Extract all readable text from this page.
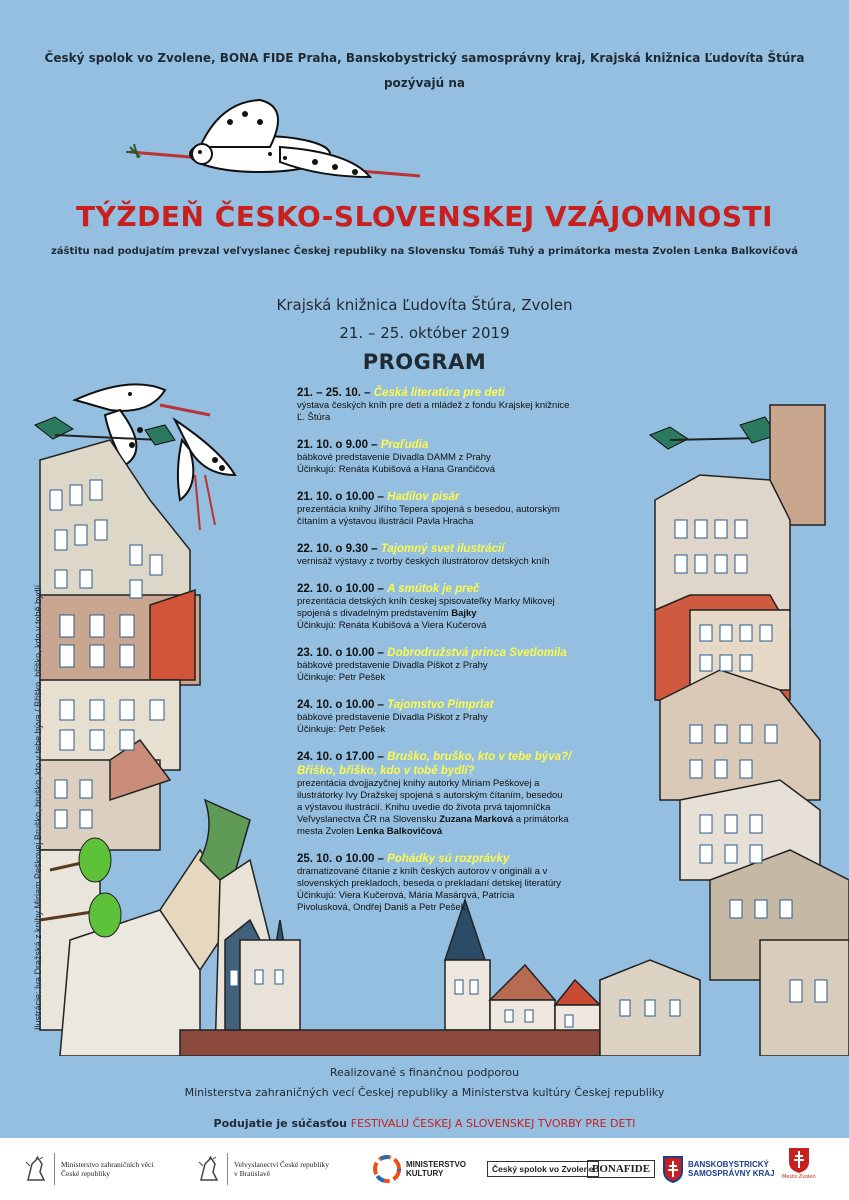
Český spolok vo Zvolene, BONA FIDE Praha, Banskobystrický samosprávny kraj, Krajská knižnica Ľudovíta Štúra
pozývajú na
TÝŽDEŇ ČESKO-SLOVENSKEJ VZÁJOMNOSTI
záštitu nad podujatím prevzal veľvyslanec Českej republiky na Slovensku Tomáš Tuhý a primátorka mesta Zvolen Lenka Balkovičová
Krajská knižnica Ľudovíta Štúra, Zvolen
21. – 25. október 2019
PROGRAM
Ilustrácie: Iva Dražská z knihy Miriam Peškovej Bruško, bruško, kto v tebe býva / Břiško, břiško, kdo v tobě bydlí
21. – 25. 10. – Česká literatúra pre deti
výstava českých kníh pre deti a mládež z fondu Krajskej knižnice
Ľ. Štúra
21. 10. o 9.00 – Prαľudia
bábkové predstavenie Divadla DAMM z Prahy
Účinkujú: Renáta Kubišová a Hana Grančičová
21. 10. o 10.00 – Hadilov pisár
prezentácia knihy Jiřího Tepera spojená s besedou, autorským
čítaním a výstavou ilustrácií Pavla Hracha
22. 10. o 9.30 – Tajomný svet ilustrácií
vernisáž výstavy z tvorby českých ilustrátorov detských kníh
22. 10. o 10.00 – A smútok je preč
prezentácia detských kníh českej spisovateľky Marky Mikovej
spojená s divadelným predstavením Bajky
Účinkujú: Renáta Kubišová a Viera Kučerová
23. 10. o 10.00 – Dobrodružstvá princa Svetlomila
bábkové predstavenie Divadla Piškot z Prahy
Účinkuje: Petr Pešek
24. 10. o 10.00 – Tajomstvo Pimprlat
bábkové predstavenie Divadla Piškot z Prahy
Účinkuje: Petr Pešek
24. 10. o 17.00 – Bruško, bruško, kto v tebe býva?/
Břiško, břiško, kdo v tobě bydlí?
prezentácia dvojjazyčnej knihy autorky Miriam Peškovej a
ilustrátorky Ivy Dražskej spojená s autorským čítaním, besedou
a výstavou ilustrácií. Knihu uvedie do života prvá tajomníčka
Veľvyslanectva ČR na Slovensku Zuzana Marková a primátorka
mesta Zvolen Lenka Balkovičová
25. 10. o 10.00 – Pohádky sú rozprávky
dramatizované čítanie z kníh českých autorov v origináli a v
slovenských prekladoch, beseda o prekladaní detskej literatúry
Účinkujú: Viera Kučerová, Mária Masárová, Patrícia
Pivolusková, Ondřej Daniš a Petr Pešek
Realizované s finančnou podporou
Ministerstva zahraničných vecí Českej republiky a Ministerstva kultúry Českej republiky
Podujatie je súčasťou FESTIVALU ČESKEJ A SLOVENSKEJ TVORBY PRE DETI
Ministerstvo zahraničních věcí
České republiky
Velvyslanectví České republiky
v Bratislavě
MINISTERSTVO
KULTURY	Český spolok vo Zvolene
BONAFIDE	BANSKOBYSTRICKÝ
SAMOSPRÁVNY KRAJ Mesto Zvolen
